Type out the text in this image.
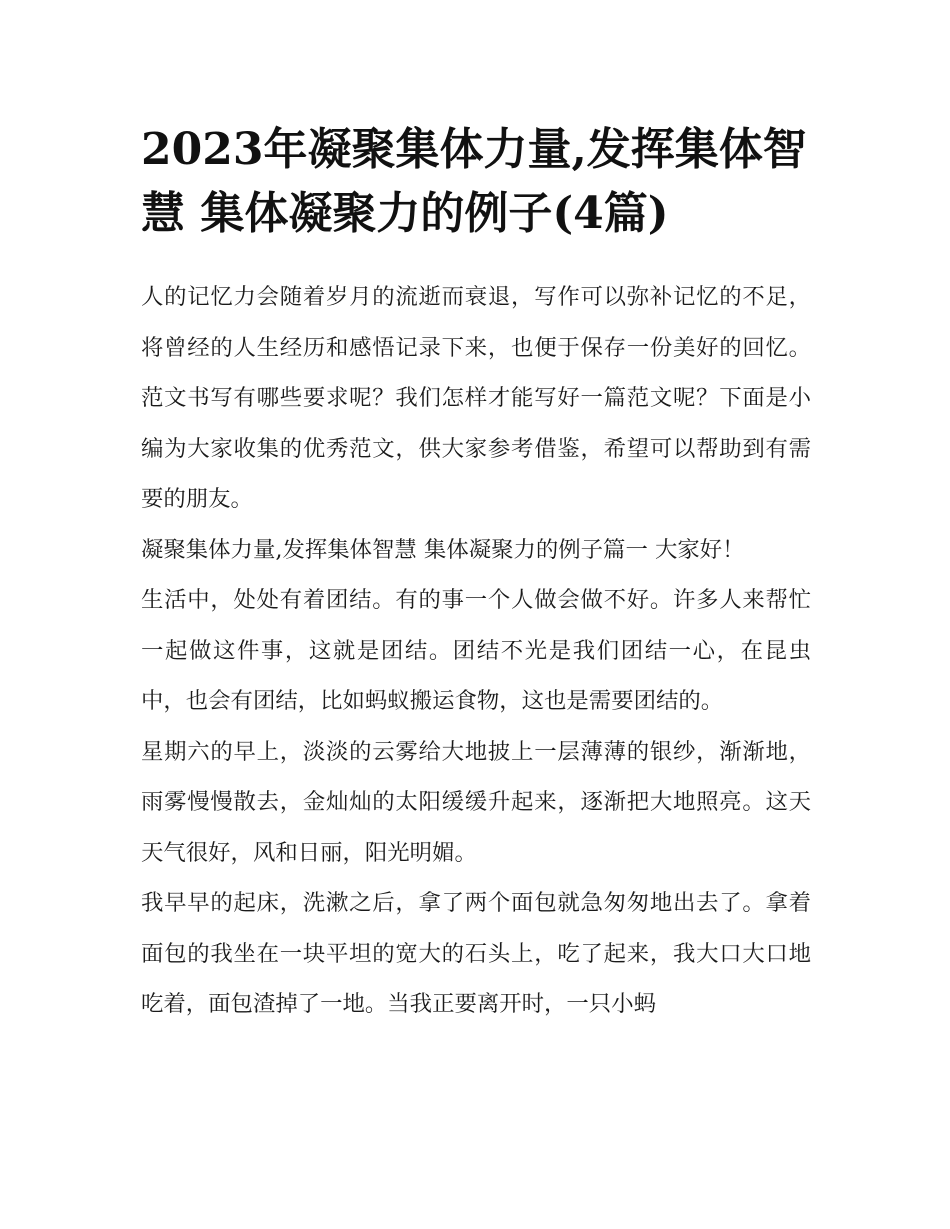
2023年凝聚集体力量,发挥集体智慧 集体凝聚力的例子(4篇)

人的记忆力会随着岁月的流逝而衰退，写作可以弥补记忆的不足，将曾经的人生经历和感悟记录下来，也便于保存一份美好的回忆。范文书写有哪些要求呢？我们怎样才能写好一篇范文呢？下面是小编为大家收集的优秀范文，供大家参考借鉴，希望可以帮助到有需要的朋友。

凝聚集体力量,发挥集体智慧 集体凝聚力的例子篇一 大家好！

生活中，处处有着团结。有的事一个人做会做不好。许多人来帮忙一起做这件事，这就是团结。团结不光是我们团结一心，在昆虫中，也会有团结，比如蚂蚁搬运食物，这也是需要团结的。

星期六的早上，淡淡的云雾给大地披上一层薄薄的银纱，渐渐地，雨雾慢慢散去，金灿灿的太阳缓缓升起来，逐渐把大地照亮。这天天气很好，风和日丽，阳光明媚。

我早早的起床，洗漱之后，拿了两个面包就急匆匆地出去了。拿着面包的我坐在一块平坦的宽大的石头上，吃了起来，我大口大口地吃着，面包渣掉了一地。当我正要离开时，一只小蚂
